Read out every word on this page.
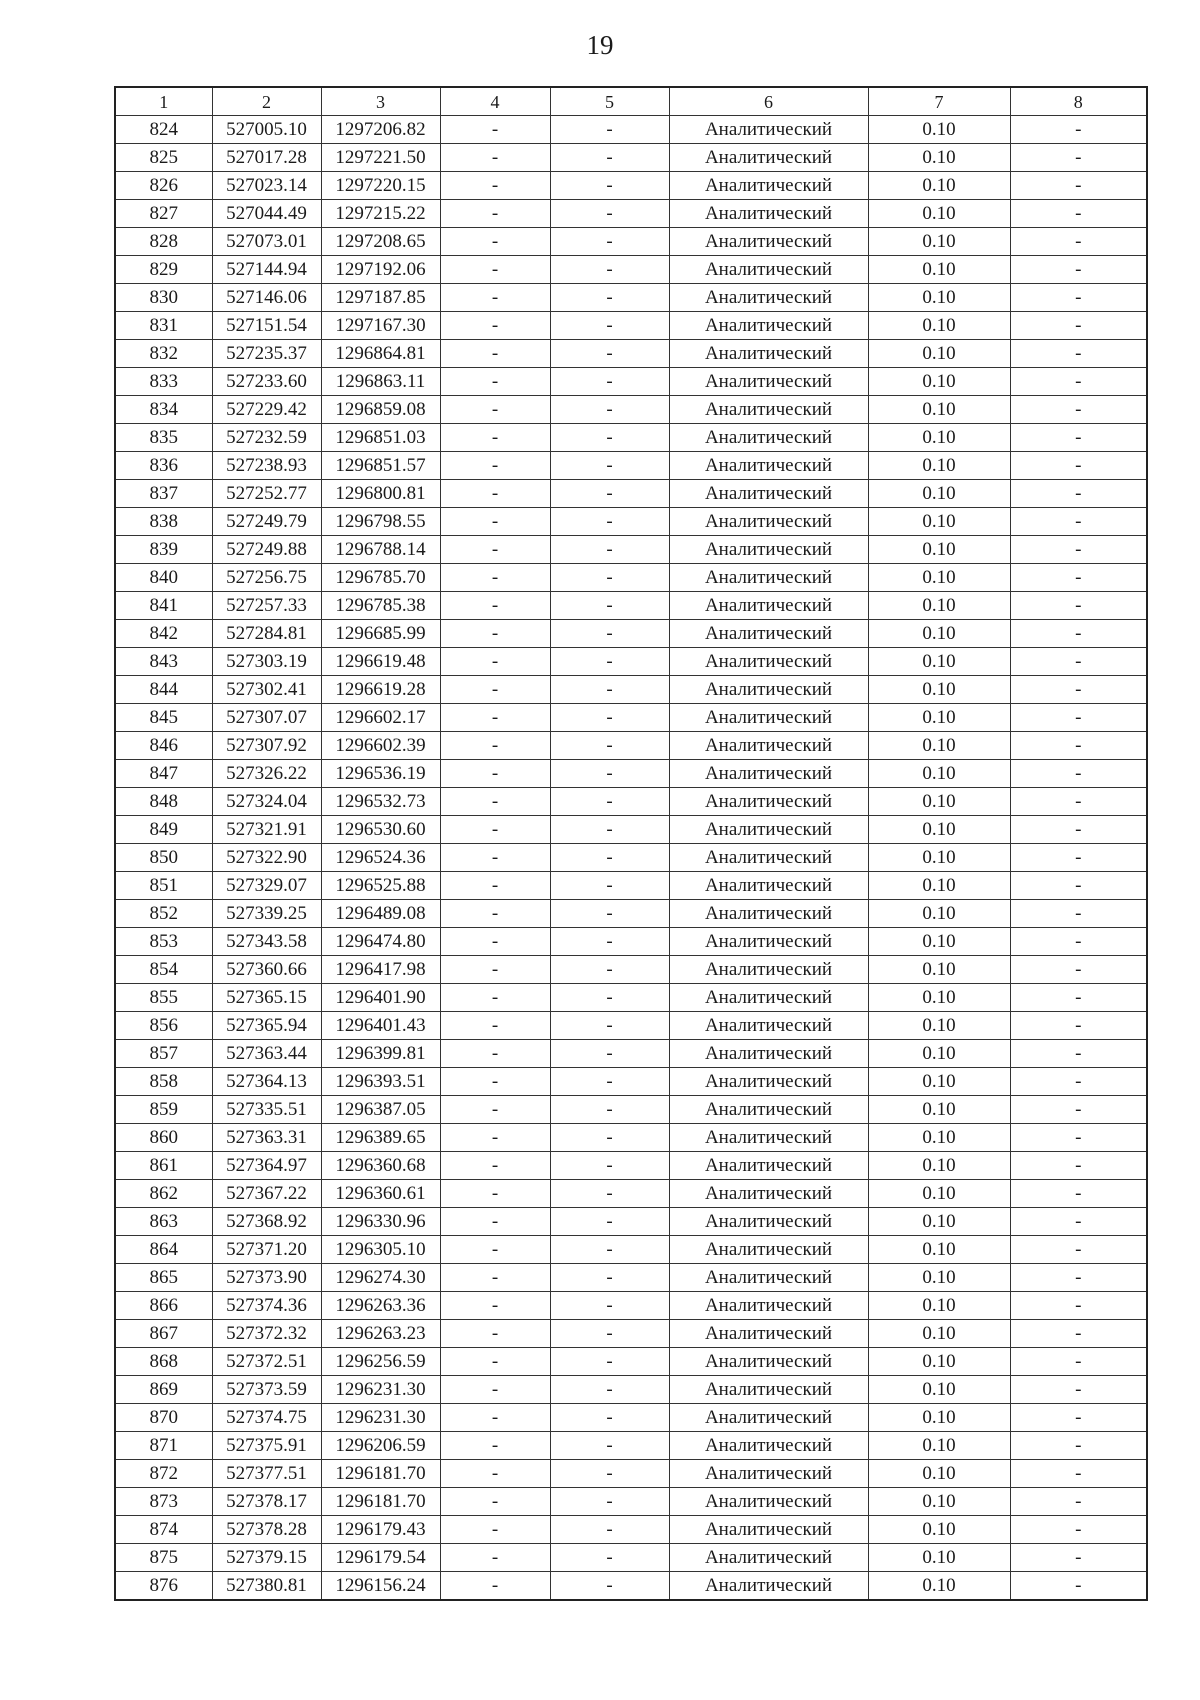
19
1	2	3	4	5	6	7	8
824	527005.10	1297206.82	-	-	Аналитический	0.10	-
825	527017.28	1297221.50	-	-	Аналитический	0.10	-
826	527023.14	1297220.15	-	-	Аналитический	0.10	-
827	527044.49	1297215.22	-	-	Аналитический	0.10	-
828	527073.01	1297208.65	-	-	Аналитический	0.10	-
829	527144.94	1297192.06	-	-	Аналитический	0.10	-
830	527146.06	1297187.85	-	-	Аналитический	0.10	-
831	527151.54	1297167.30	-	-	Аналитический	0.10	-
832	527235.37	1296864.81	-	-	Аналитический	0.10	-
833	527233.60	1296863.11	-	-	Аналитический	0.10	-
834	527229.42	1296859.08	-	-	Аналитический	0.10	-
835	527232.59	1296851.03	-	-	Аналитический	0.10	-
836	527238.93	1296851.57	-	-	Аналитический	0.10	-
837	527252.77	1296800.81	-	-	Аналитический	0.10	-
838	527249.79	1296798.55	-	-	Аналитический	0.10	-
839	527249.88	1296788.14	-	-	Аналитический	0.10	-
840	527256.75	1296785.70	-	-	Аналитический	0.10	-
841	527257.33	1296785.38	-	-	Аналитический	0.10	-
842	527284.81	1296685.99	-	-	Аналитический	0.10	-
843	527303.19	1296619.48	-	-	Аналитический	0.10	-
844	527302.41	1296619.28	-	-	Аналитический	0.10	-
845	527307.07	1296602.17	-	-	Аналитический	0.10	-
846	527307.92	1296602.39	-	-	Аналитический	0.10	-
847	527326.22	1296536.19	-	-	Аналитический	0.10	-
848	527324.04	1296532.73	-	-	Аналитический	0.10	-
849	527321.91	1296530.60	-	-	Аналитический	0.10	-
850	527322.90	1296524.36	-	-	Аналитический	0.10	-
851	527329.07	1296525.88	-	-	Аналитический	0.10	-
852	527339.25	1296489.08	-	-	Аналитический	0.10	-
853	527343.58	1296474.80	-	-	Аналитический	0.10	-
854	527360.66	1296417.98	-	-	Аналитический	0.10	-
855	527365.15	1296401.90	-	-	Аналитический	0.10	-
856	527365.94	1296401.43	-	-	Аналитический	0.10	-
857	527363.44	1296399.81	-	-	Аналитический	0.10	-
858	527364.13	1296393.51	-	-	Аналитический	0.10	-
859	527335.51	1296387.05	-	-	Аналитический	0.10	-
860	527363.31	1296389.65	-	-	Аналитический	0.10	-
861	527364.97	1296360.68	-	-	Аналитический	0.10	-
862	527367.22	1296360.61	-	-	Аналитический	0.10	-
863	527368.92	1296330.96	-	-	Аналитический	0.10	-
864	527371.20	1296305.10	-	-	Аналитический	0.10	-
865	527373.90	1296274.30	-	-	Аналитический	0.10	-
866	527374.36	1296263.36	-	-	Аналитический	0.10	-
867	527372.32	1296263.23	-	-	Аналитический	0.10	-
868	527372.51	1296256.59	-	-	Аналитический	0.10	-
869	527373.59	1296231.30	-	-	Аналитический	0.10	-
870	527374.75	1296231.30	-	-	Аналитический	0.10	-
871	527375.91	1296206.59	-	-	Аналитический	0.10	-
872	527377.51	1296181.70	-	-	Аналитический	0.10	-
873	527378.17	1296181.70	-	-	Аналитический	0.10	-
874	527378.28	1296179.43	-	-	Аналитический	0.10	-
875	527379.15	1296179.54	-	-	Аналитический	0.10	-
876	527380.81	1296156.24	-	-	Аналитический	0.10	-
